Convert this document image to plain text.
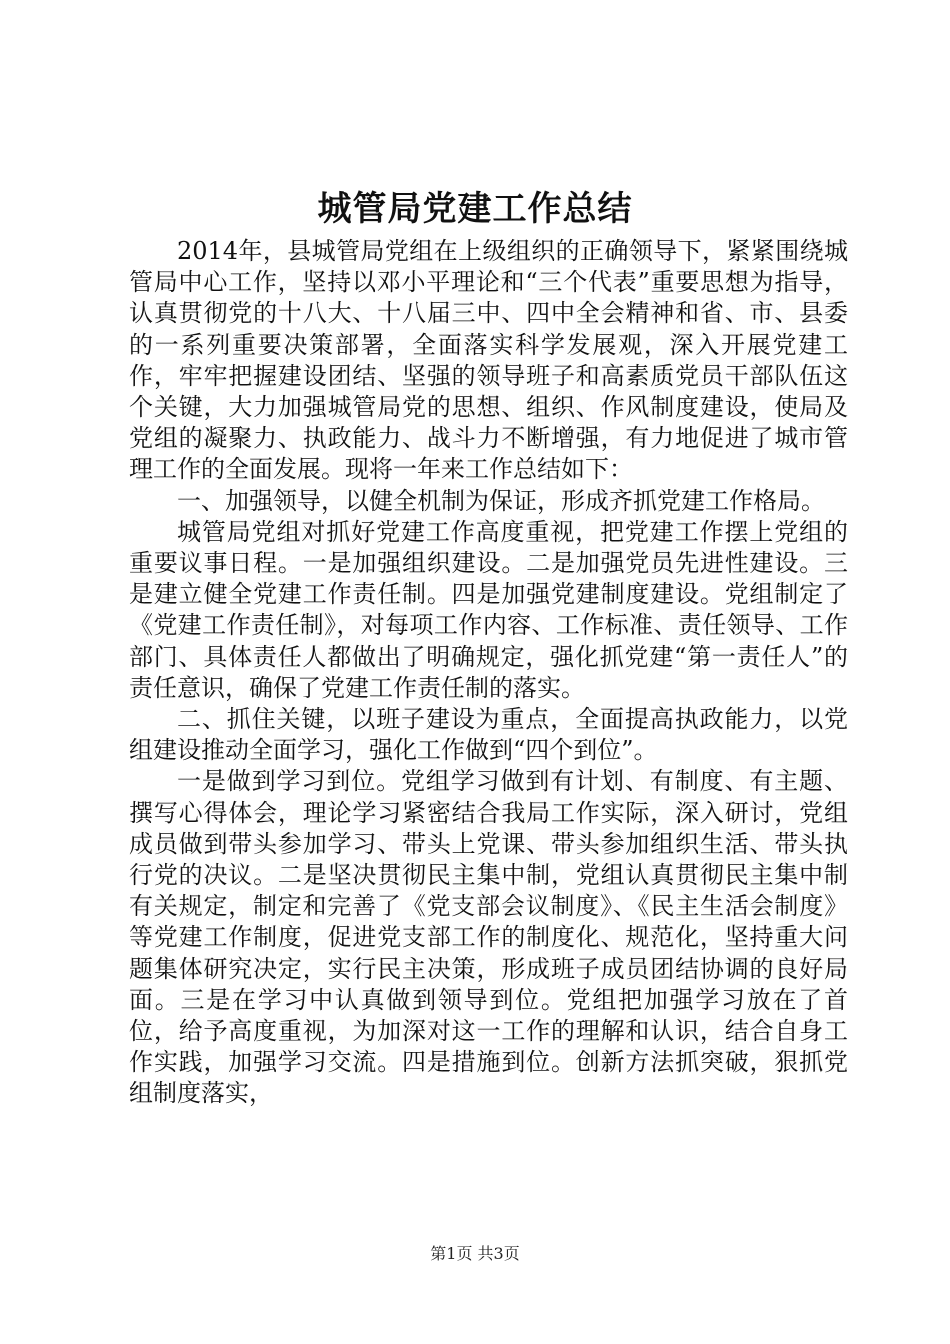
城管局党建工作总结

2014年，县城管局党组在上级组织的正确领导下，紧紧围绕城管局中心工作，坚持以邓小平理论和“三个代表”重要思想为指导，认真贯彻党的十八大、十八届三中、四中全会精神和省、市、县委的一系列重要决策部署，全面落实科学发展观，深入开展党建工作，牢牢把握建设团结、坚强的领导班子和高素质党员干部队伍这个关键，大力加强城管局党的思想、组织、作风制度建设，使局及党组的凝聚力、执政能力、战斗力不断增强，有力地促进了城市管理工作的全面发展。现将一年来工作总结如下：

一、加强领导，以健全机制为保证，形成齐抓党建工作格局。

城管局党组对抓好党建工作高度重视，把党建工作摆上党组的重要议事日程。一是加强组织建设。二是加强党员先进性建设。三是建立健全党建工作责任制。四是加强党建制度建设。党组制定了《党建工作责任制》，对每项工作内容、工作标准、责任领导、工作部门、具体责任人都做出了明确规定，强化抓党建“第一责任人”的责任意识，确保了党建工作责任制的落实。

二、抓住关键，以班子建设为重点，全面提高执政能力，以党组建设推动全面学习，强化工作做到“四个到位”。

一是做到学习到位。党组学习做到有计划、有制度、有主题、撰写心得体会，理论学习紧密结合我局工作实际，深入研讨，党组成员做到带头参加学习、带头上党课、带头参加组织生活、带头执行党的决议。二是坚决贯彻民主集中制，党组认真贯彻民主集中制有关规定，制定和完善了《党支部会议制度》、《民主生活会制度》等党建工作制度，促进党支部工作的制度化、规范化，坚持重大问题集体研究决定，实行民主决策，形成班子成员团结协调的良好局面。三是在学习中认真做到领导到位。党组把加强学习放在了首位，给予高度重视，为加深对这一工作的理解和认识，结合自身工作实践，加强学习交流。四是措施到位。创新方法抓突破，狠抓党组制度落实，

第1页 共3页
